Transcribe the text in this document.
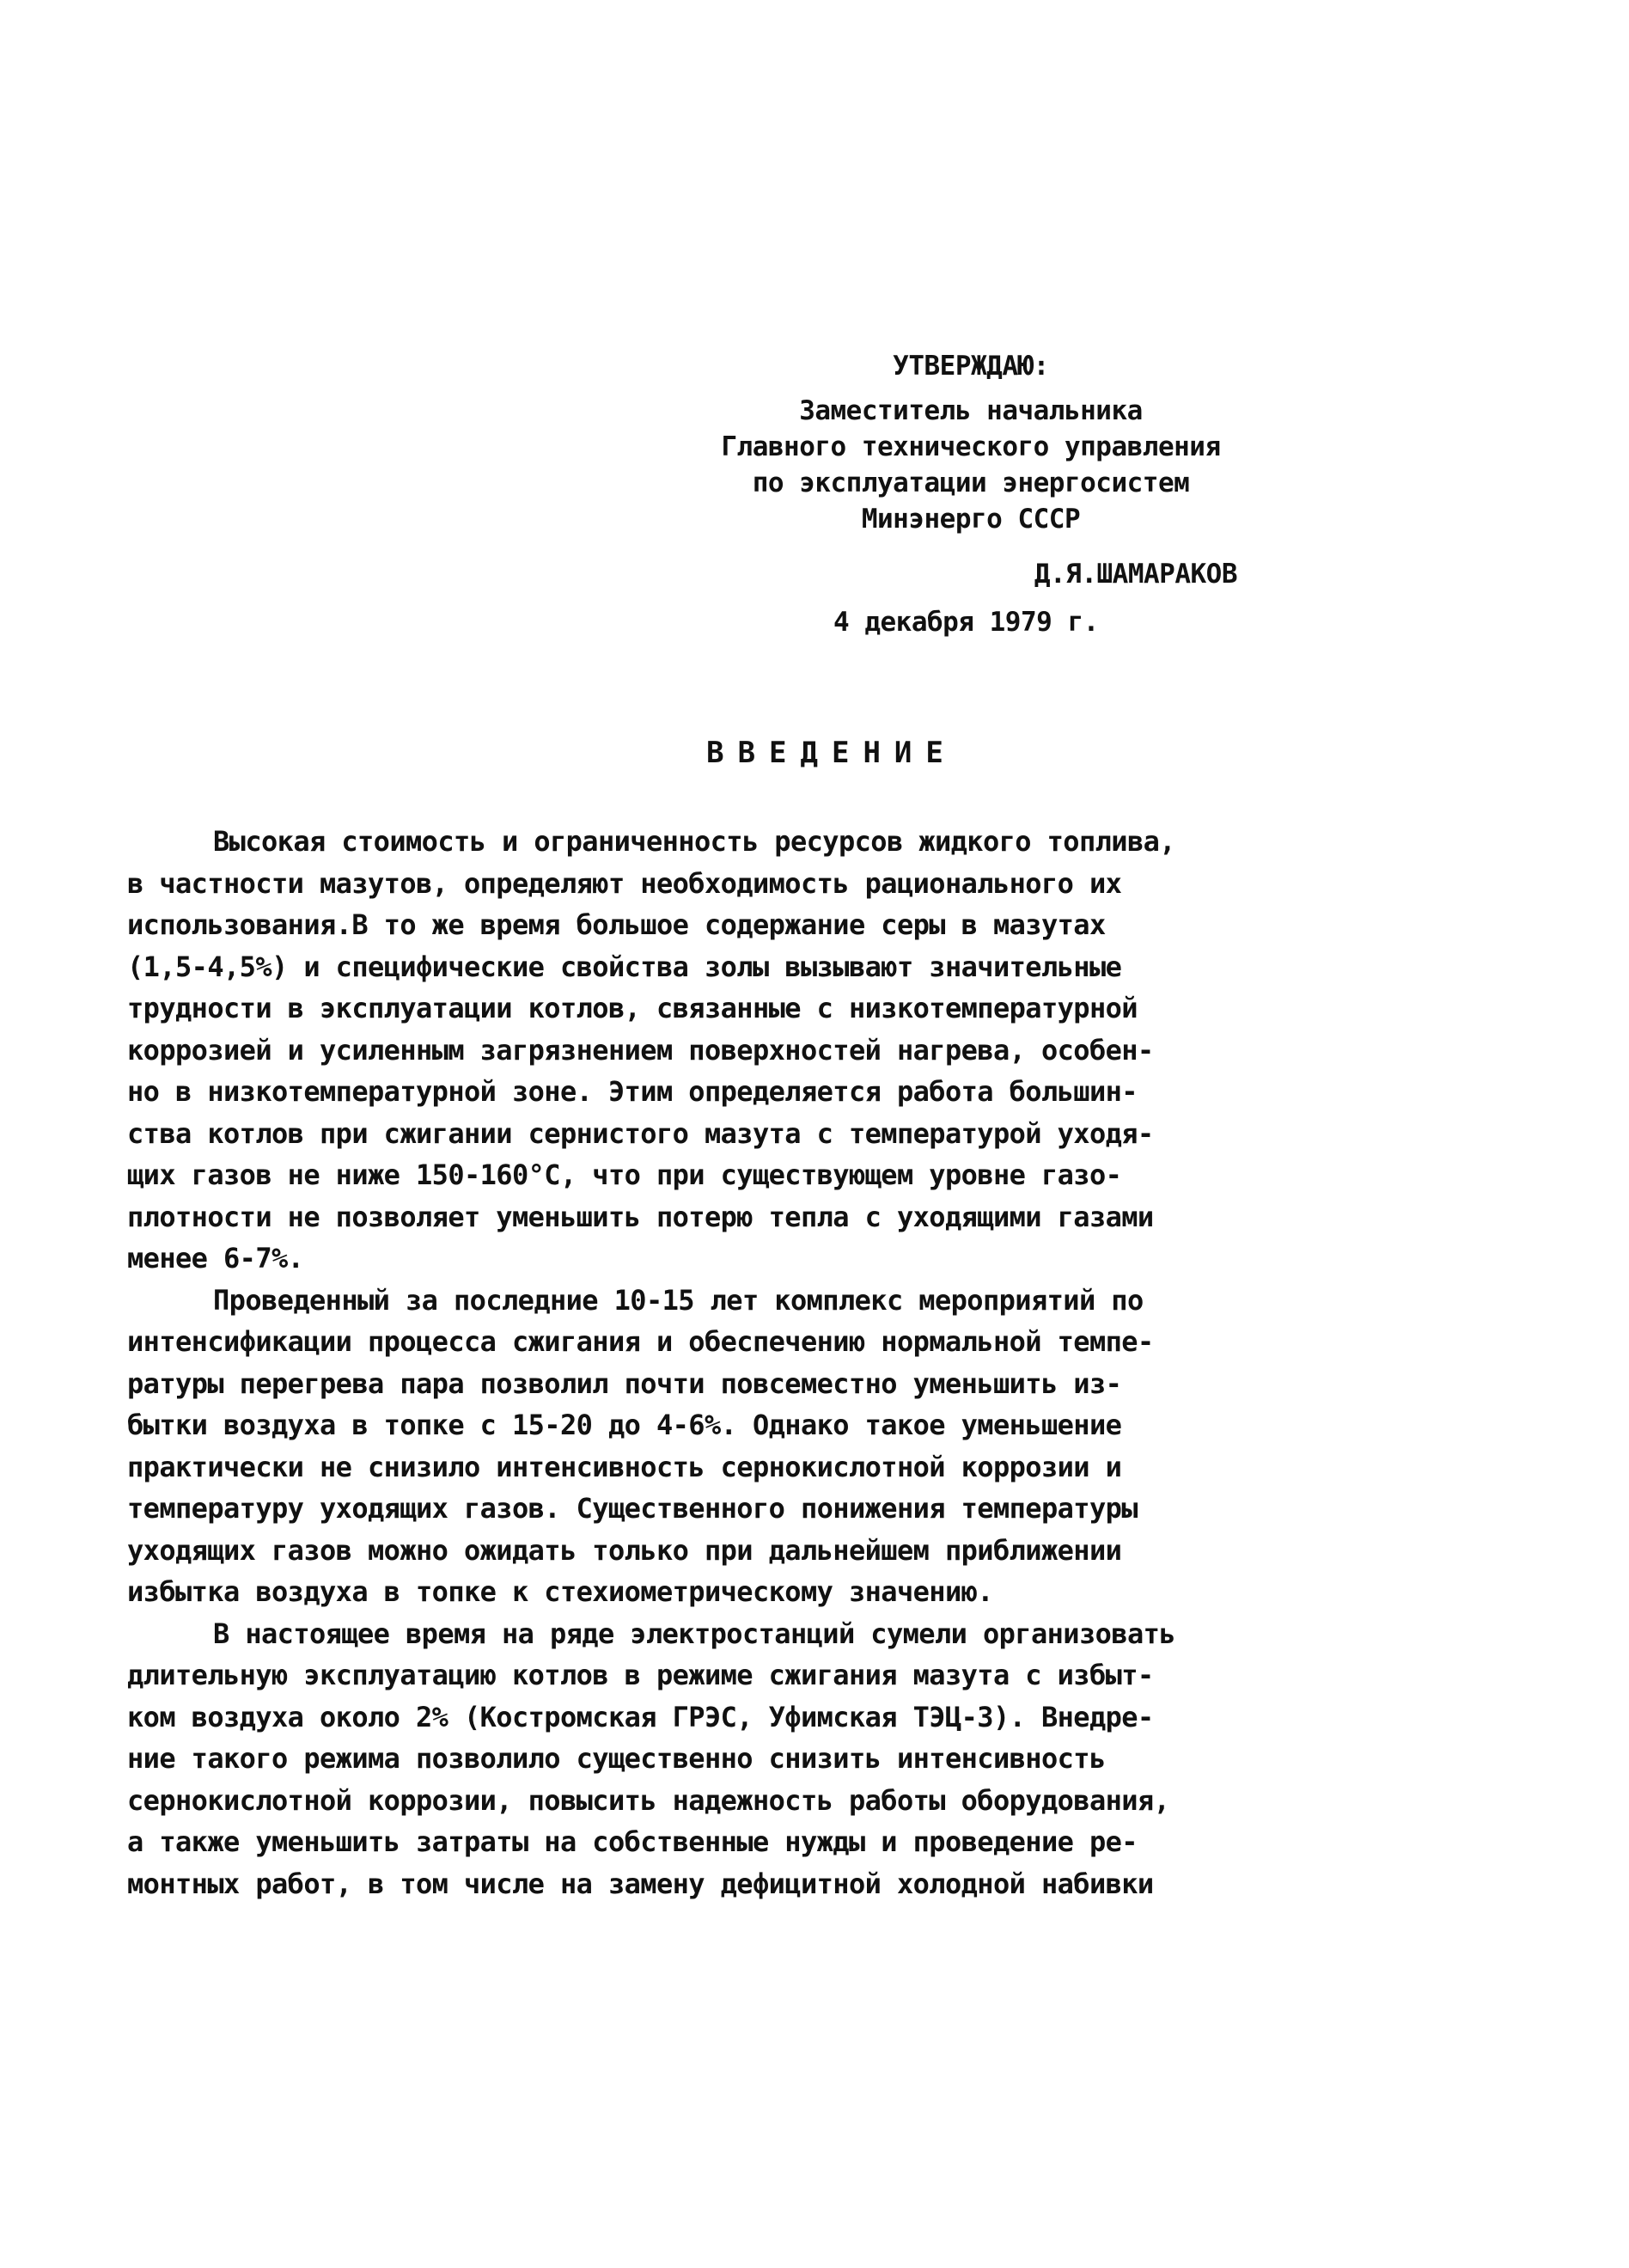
УТВЕРЖДАЮ:
Заместитель начальника
Главного технического управления
по эксплуатации энергосистем
Минэнерго СССР
Д.Я.ШАМАРАКОВ
4 декабря 1979 г.
ВВЕДЕНИЕ
Высокая стоимость и ограниченность ресурсов жидкого топлива,
в частности мазутов, определяют необходимость рационального их
использования.В то же время большое содержание серы в мазутах
(1,5-4,5%) и специфические свойства золы вызывают значительные
трудности в эксплуатации котлов, связанные с низкотемпературной
коррозией и усиленным загрязнением поверхностей нагрева, особен-
но в низкотемпературной зоне. Этим определяется работа большин-
ства котлов при сжигании сернистого мазута с температурой уходя-
щих газов не ниже 150-160°С, что при существующем уровне газо-
плотности не позволяет уменьшить потерю тепла с уходящими газами
менее 6-7%.
Проведенный за последние 10-15 лет комплекс мероприятий по
интенсификации процесса сжигания и обеспечению нормальной темпе-
ратуры перегрева пара позволил почти повсеместно уменьшить из-
бытки воздуха в топке с 15-20 до 4-6%. Однако такое уменьшение
практически не снизило интенсивность сернокислотной коррозии и
температуру уходящих газов. Существенного понижения температуры
уходящих газов можно ожидать только при дальнейшем приближении
избытка воздуха в топке к стехиометрическому значению.
В настоящее время на ряде электростанций сумели организовать
длительную эксплуатацию котлов в режиме сжигания мазута с избыт-
ком воздуха около 2% (Костромская ГРЭС, Уфимская ТЭЦ-3). Внедре-
ние такого режима позволило существенно снизить интенсивность
сернокислотной коррозии, повысить надежность работы оборудования,
а также уменьшить затраты на собственные нужды и проведение ре-
монтных работ, в том числе на замену дефицитной холодной набивки
